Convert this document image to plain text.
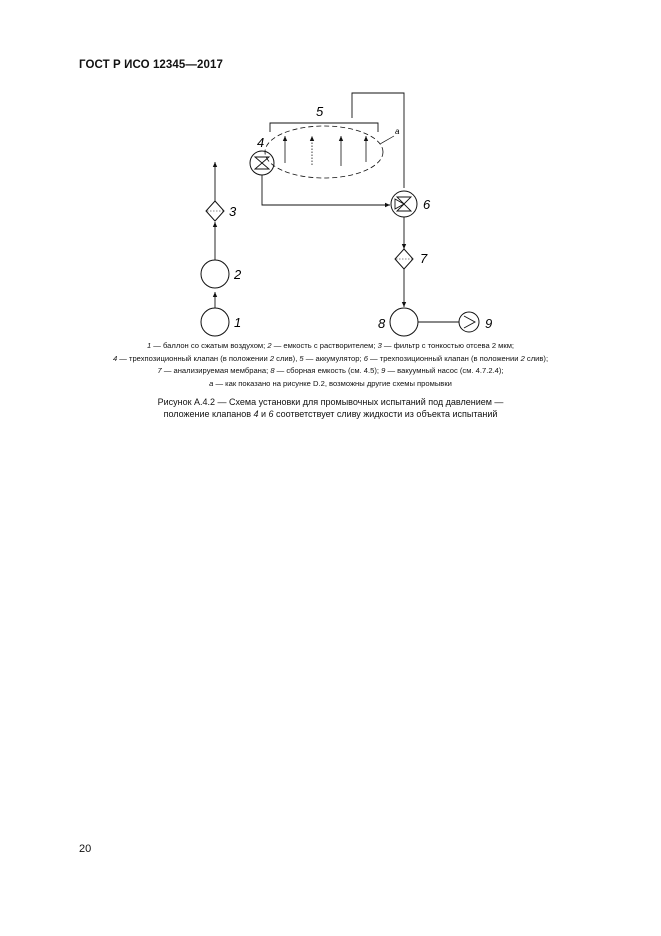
ГОСТ Р ИСО 12345—2017
1
2
3
4
5
6
7
8	9
а
1 — баллон со сжатым воздухом; 2 — емкость с растворителем; 3 — фильтр с тонкостью отсева 2 мкм;
4 — трехпозиционный клапан (в положении 2 слив), 5 — аккумулятор; 6 — трехпозиционный клапан (в положении 2 слив);
7 — анализируемая мембрана; 8 — сборная емкость (см. 4.5); 9 — вакуумный насос (см. 4.7.2.4);
а — как показано на рисунке D.2, возможны другие схемы промывки
Рисунок А.4.2 — Схема установки для промывочных испытаний под давлением —
положение клапанов 4 и 6 соответствует сливу жидкости из объекта испытаний
20
